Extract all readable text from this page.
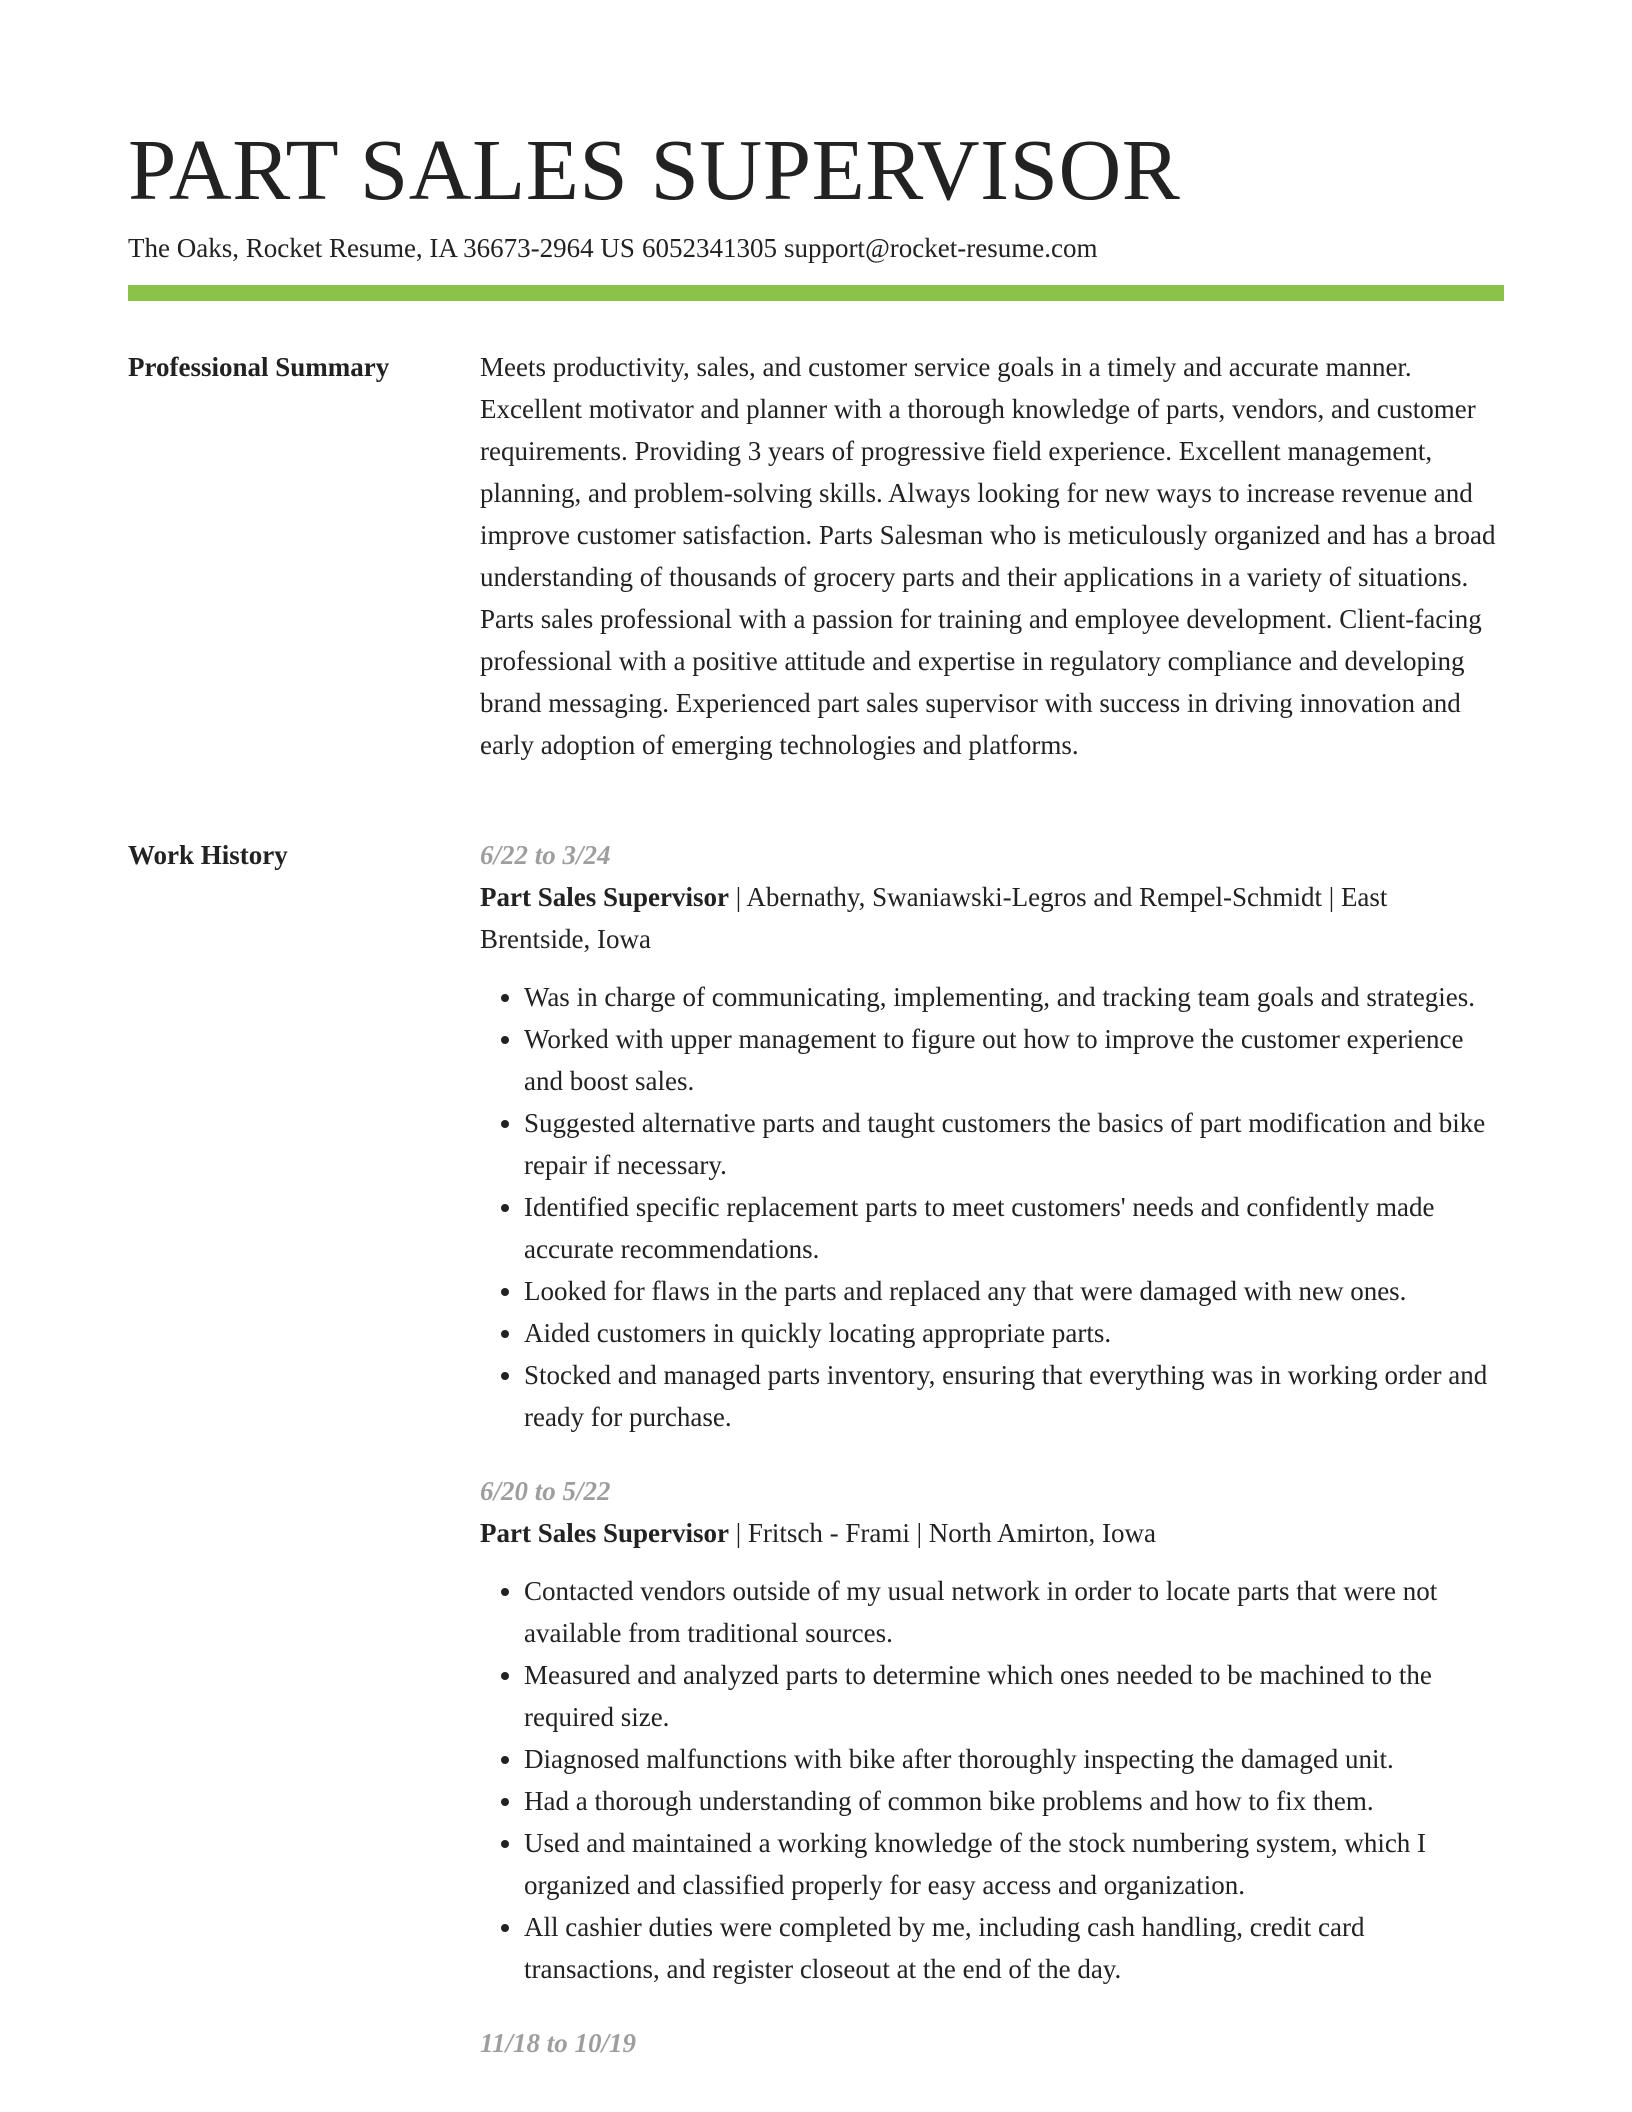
PART SALES SUPERVISOR
The Oaks, Rocket Resume, IA 36673-2964 US 6052341305 support@rocket-resume.com
Professional Summary	Meets productivity, sales, and customer service goals in a timely and accurate manner. Excellent motivator and planner with a thorough knowledge of parts, vendors, and customer requirements. Providing 3 years of progressive field experience. Excellent management, planning, and problem-solving skills. Always looking for new ways to increase revenue and improve customer satisfaction. Parts Salesman who is meticulously organized and has a broad understanding of thousands of grocery parts and their applications in a variety of situations. Parts sales professional with a passion for training and employee development. Client-facing professional with a positive attitude and expertise in regulatory compliance and developing brand messaging. Experienced part sales supervisor with success in driving innovation and early adoption of emerging technologies and platforms.

Work History	6/22 to 3/24
Part Sales Supervisor | Abernathy, Swaniawski-Legros and Rempel-Schmidt | East Brentside, Iowa
• Was in charge of communicating, implementing, and tracking team goals and strategies.
• Worked with upper management to figure out how to improve the customer experience and boost sales.
• Suggested alternative parts and taught customers the basics of part modification and bike repair if necessary.
• Identified specific replacement parts to meet customers' needs and confidently made accurate recommendations.
• Looked for flaws in the parts and replaced any that were damaged with new ones.
• Aided customers in quickly locating appropriate parts.
• Stocked and managed parts inventory, ensuring that everything was in working order and ready for purchase.
6/20 to 5/22
Part Sales Supervisor | Fritsch - Frami | North Amirton, Iowa
• Contacted vendors outside of my usual network in order to locate parts that were not available from traditional sources.
• Measured and analyzed parts to determine which ones needed to be machined to the required size.
• Diagnosed malfunctions with bike after thoroughly inspecting the damaged unit.
• Had a thorough understanding of common bike problems and how to fix them.
• Used and maintained a working knowledge of the stock numbering system, which I organized and classified properly for easy access and organization.
• All cashier duties were completed by me, including cash handling, credit card transactions, and register closeout at the end of the day.
11/18 to 10/19
